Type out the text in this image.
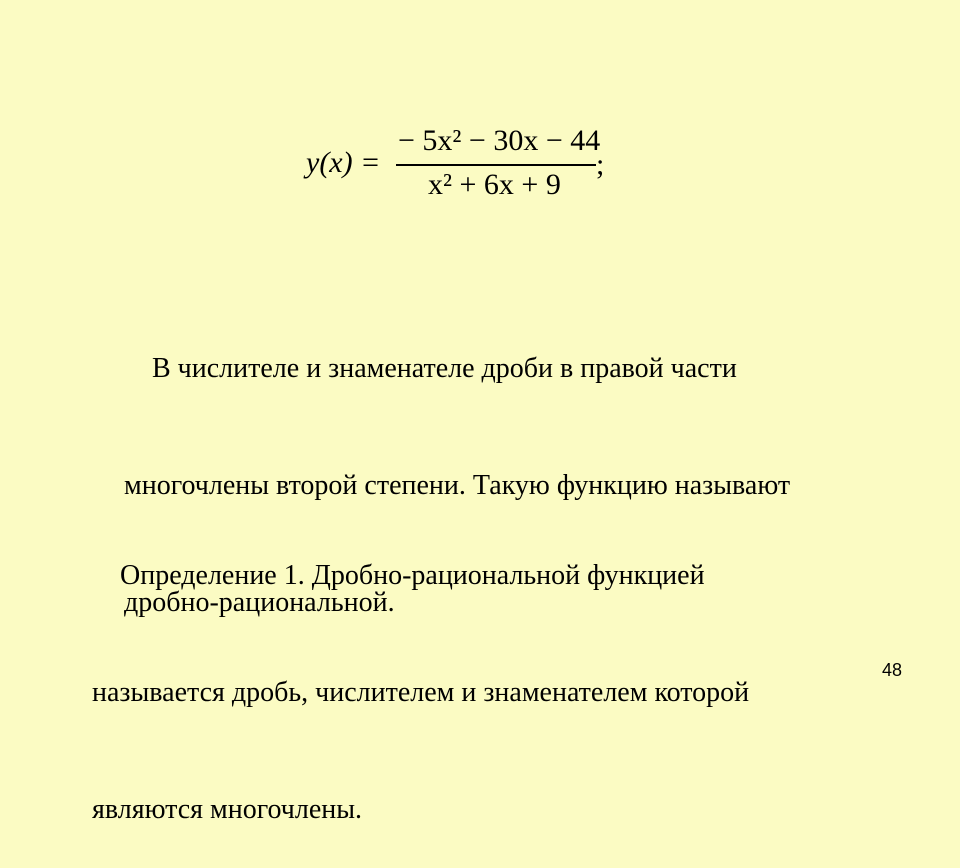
y(x) =
− 5x² − 30x − 44
x² + 6x + 9
;

В числителе и знаменателе дроби в правой части

многочлены второй степени. Такую функцию называют

дробно-рациональной.

Определение 1. Дробно-рациональной функцией

называется дробь, числителем и знаменателем которой

являются многочлены.

48
